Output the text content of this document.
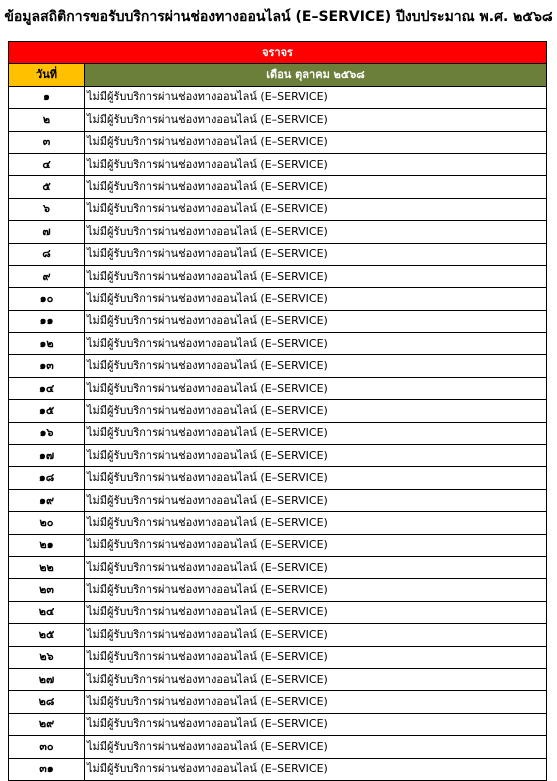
ข้อมูลสถิติการขอรับบริการผ่านช่องทางออนไลน์ (E–SERVICE) ปีงบประมาณ พ.ศ. ๒๕๖๘
จราจร	
วันที่	เดือน ตุลาคม ๒๕๖๘
๑	ไม่มีผู้รับบริการผ่านช่องทางออนไลน์ (E–SERVICE)
๒	ไม่มีผู้รับบริการผ่านช่องทางออนไลน์ (E–SERVICE)
๓	ไม่มีผู้รับบริการผ่านช่องทางออนไลน์ (E–SERVICE)
๔	ไม่มีผู้รับบริการผ่านช่องทางออนไลน์ (E–SERVICE)
๕	ไม่มีผู้รับบริการผ่านช่องทางออนไลน์ (E–SERVICE)
๖	ไม่มีผู้รับบริการผ่านช่องทางออนไลน์ (E–SERVICE)
๗	ไม่มีผู้รับบริการผ่านช่องทางออนไลน์ (E–SERVICE)
๘	ไม่มีผู้รับบริการผ่านช่องทางออนไลน์ (E–SERVICE)
๙	ไม่มีผู้รับบริการผ่านช่องทางออนไลน์ (E–SERVICE)
๑๐	ไม่มีผู้รับบริการผ่านช่องทางออนไลน์ (E–SERVICE)
๑๑	ไม่มีผู้รับบริการผ่านช่องทางออนไลน์ (E–SERVICE)
๑๒	ไม่มีผู้รับบริการผ่านช่องทางออนไลน์ (E–SERVICE)
๑๓	ไม่มีผู้รับบริการผ่านช่องทางออนไลน์ (E–SERVICE)
๑๔	ไม่มีผู้รับบริการผ่านช่องทางออนไลน์ (E–SERVICE)
๑๕	ไม่มีผู้รับบริการผ่านช่องทางออนไลน์ (E–SERVICE)
๑๖	ไม่มีผู้รับบริการผ่านช่องทางออนไลน์ (E–SERVICE)
๑๗	ไม่มีผู้รับบริการผ่านช่องทางออนไลน์ (E–SERVICE)
๑๘	ไม่มีผู้รับบริการผ่านช่องทางออนไลน์ (E–SERVICE)
๑๙	ไม่มีผู้รับบริการผ่านช่องทางออนไลน์ (E–SERVICE)
๒๐	ไม่มีผู้รับบริการผ่านช่องทางออนไลน์ (E–SERVICE)
๒๑	ไม่มีผู้รับบริการผ่านช่องทางออนไลน์ (E–SERVICE)
๒๒	ไม่มีผู้รับบริการผ่านช่องทางออนไลน์ (E–SERVICE)
๒๓	ไม่มีผู้รับบริการผ่านช่องทางออนไลน์ (E–SERVICE)
๒๔	ไม่มีผู้รับบริการผ่านช่องทางออนไลน์ (E–SERVICE)
๒๕	ไม่มีผู้รับบริการผ่านช่องทางออนไลน์ (E–SERVICE)
๒๖	ไม่มีผู้รับบริการผ่านช่องทางออนไลน์ (E–SERVICE)
๒๗	ไม่มีผู้รับบริการผ่านช่องทางออนไลน์ (E–SERVICE)
๒๘	ไม่มีผู้รับบริการผ่านช่องทางออนไลน์ (E–SERVICE)
๒๙	ไม่มีผู้รับบริการผ่านช่องทางออนไลน์ (E–SERVICE)
๓๐	ไม่มีผู้รับบริการผ่านช่องทางออนไลน์ (E–SERVICE)
๓๑	ไม่มีผู้รับบริการผ่านช่องทางออนไลน์ (E–SERVICE)
